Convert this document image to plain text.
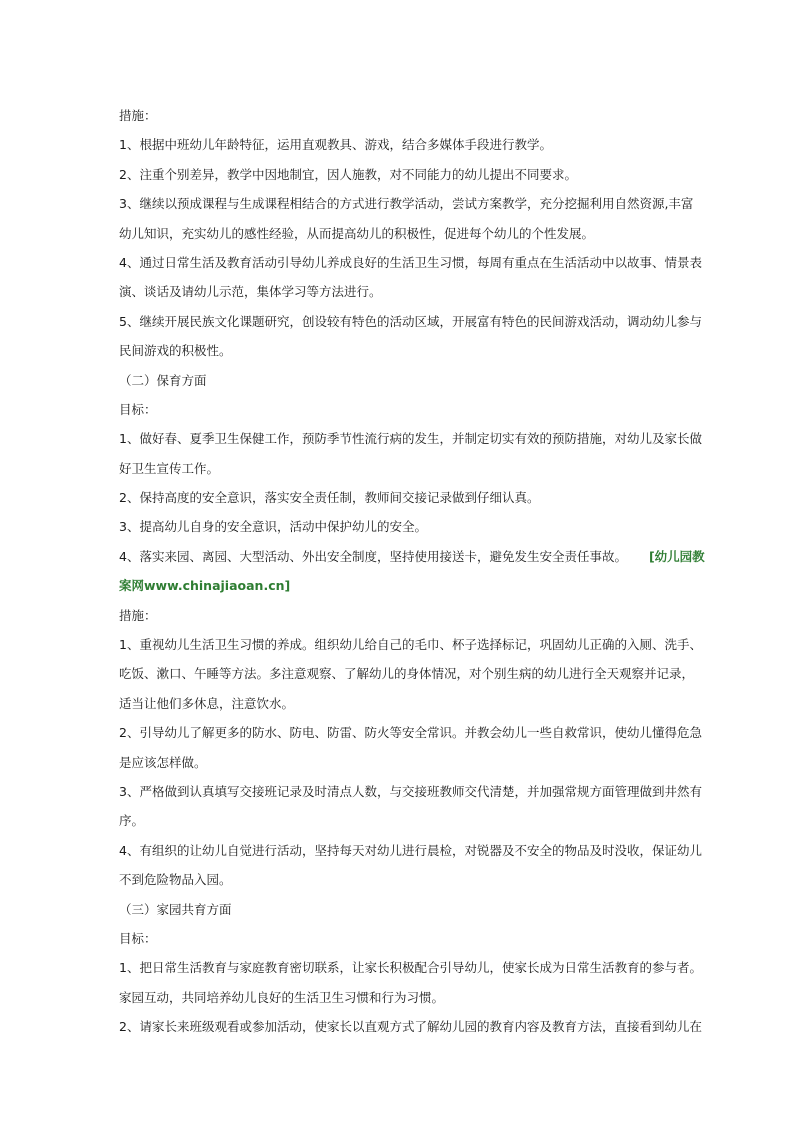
措施：
1、根据中班幼儿年龄特征，运用直观教具、游戏，结合多媒体手段进行教学。
2、注重个别差异，教学中因地制宜，因人施教，对不同能力的幼儿提出不同要求。
3、继续以预成课程与生成课程相结合的方式进行教学活动，尝试方案教学，充分挖掘利用自然资源,丰富
幼儿知识，充实幼儿的感性经验，从而提高幼儿的积极性，促进每个幼儿的个性发展。
4、通过日常生活及教育活动引导幼儿养成良好的生活卫生习惯，每周有重点在生活活动中以故事、情景表
演、谈话及请幼儿示范，集体学习等方法进行。
5、继续开展民族文化课题研究，创设较有特色的活动区域，开展富有特色的民间游戏活动，调动幼儿参与
民间游戏的积极性。
（二）保育方面
目标：
1、做好春、夏季卫生保健工作，预防季节性流行病的发生，并制定切实有效的预防措施，对幼儿及家长做
好卫生宣传工作。
2、保持高度的安全意识，落实安全责任制，教师间交接记录做到仔细认真。
3、提高幼儿自身的安全意识，活动中保护幼儿的安全。
4、落实来园、离园、大型活动、外出安全制度，坚持使用接送卡，避免发生安全责任事故。 [幼儿园教
案网www.chinajiaoan.cn]
措施：
1、重视幼儿生活卫生习惯的养成。组织幼儿给自己的毛巾、杯子选择标记，巩固幼儿正确的入厕、洗手、
吃饭、漱口、午睡等方法。多注意观察、了解幼儿的身体情况，对个别生病的幼儿进行全天观察并记录，
适当让他们多休息，注意饮水。
2、引导幼儿了解更多的防水、防电、防雷、防火等安全常识。并教会幼儿一些自救常识，使幼儿懂得危急
是应该怎样做。
3、严格做到认真填写交接班记录及时清点人数，与交接班教师交代清楚，并加强常规方面管理做到井然有
序。
4、有组织的让幼儿自觉进行活动，坚持每天对幼儿进行晨检，对锐器及不安全的物品及时没收，保证幼儿
不到危险物品入园。
（三）家园共育方面
目标：
1、把日常生活教育与家庭教育密切联系，让家长积极配合引导幼儿，使家长成为日常生活教育的参与者。
家园互动，共同培养幼儿良好的生活卫生习惯和行为习惯。
2、请家长来班级观看或参加活动，使家长以直观方式了解幼儿园的教育内容及教育方法，直接看到幼儿在
